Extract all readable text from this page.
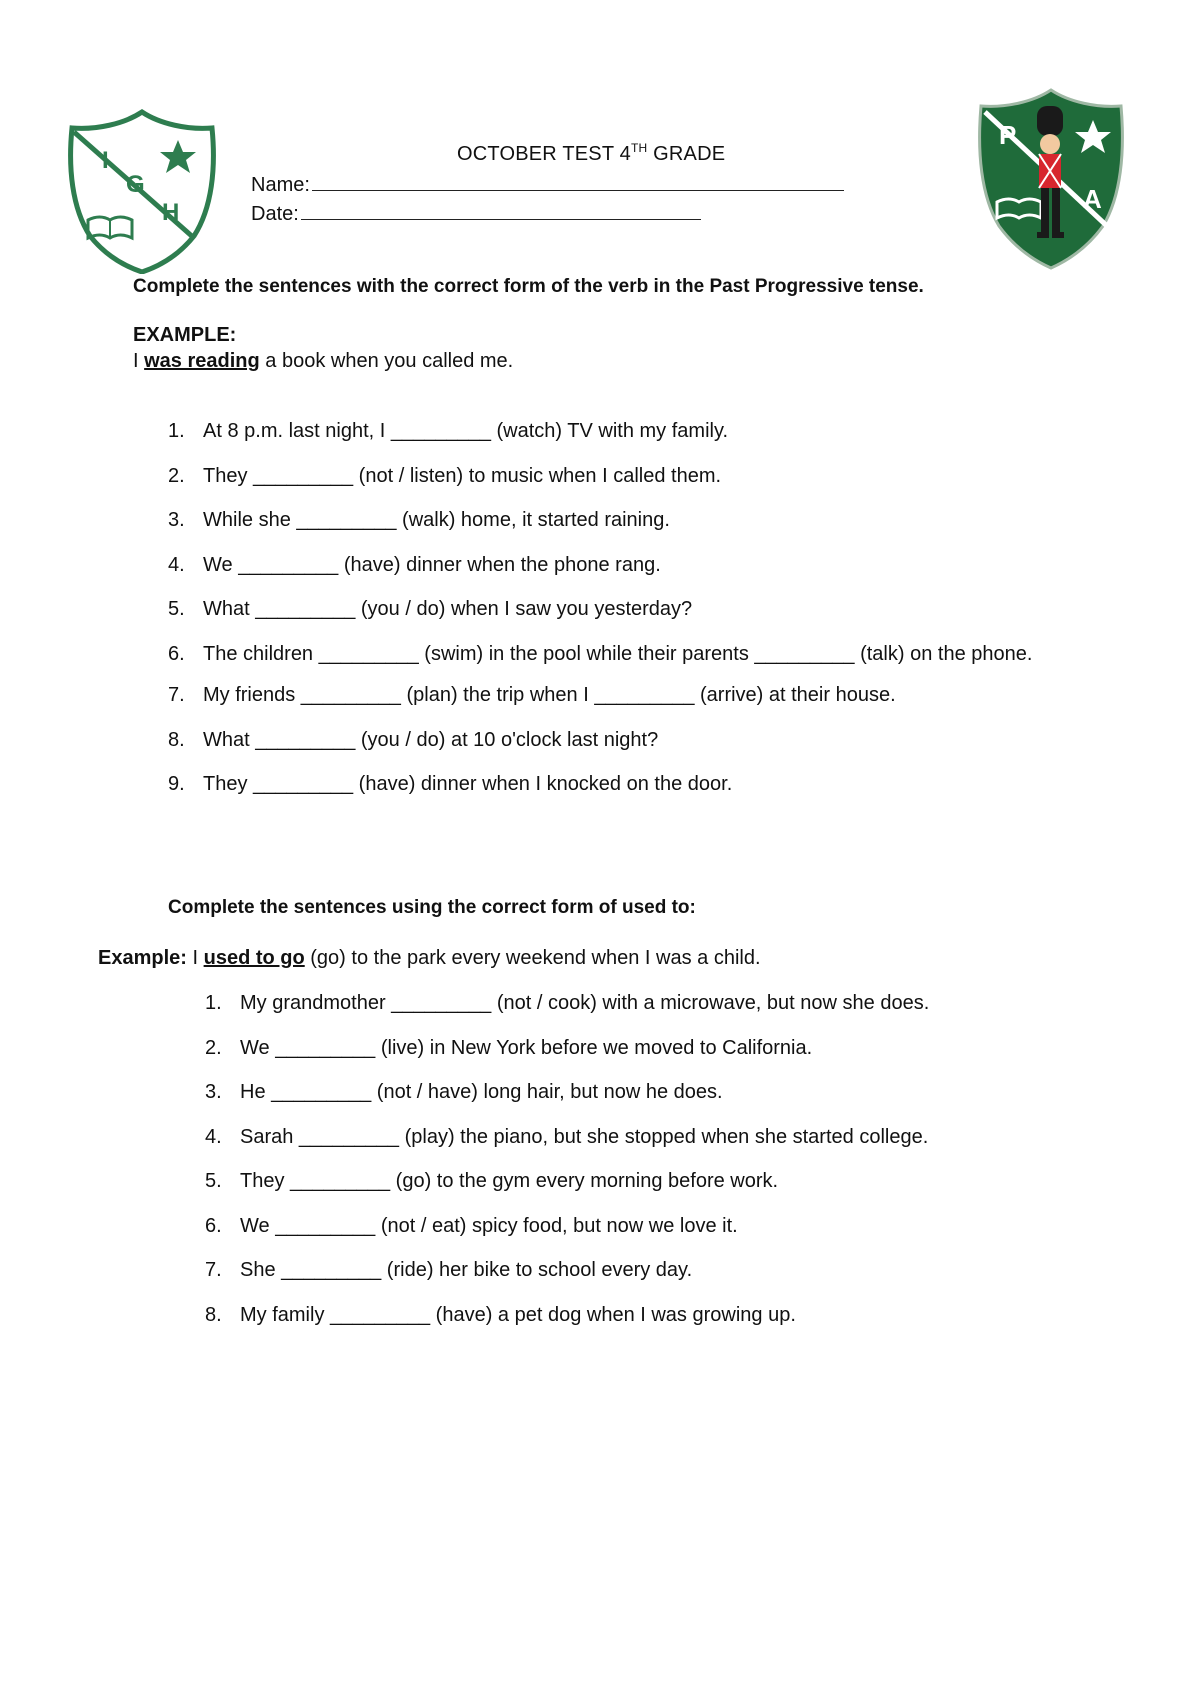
I
G
H
P
A
OCTOBER TEST 4TH GRADE
Name:
Date:
Complete the sentences with the correct form of the verb in the Past Progressive tense.
EXAMPLE:
I was reading a book when you called me.
1. At 8 p.m. last night, I _________ (watch) TV with my family.
2. They _________ (not / listen) to music when I called them.
3. While she _________ (walk) home, it started raining.
4. We _________ (have) dinner when the phone rang.
5. What _________ (you / do) when I saw you yesterday?
6. The children _________ (swim) in the pool while their parents _________ (talk) on the phone.
7. My friends _________ (plan) the trip when I _________ (arrive) at their house.
8. What _________ (you / do) at 10 o'clock last night?
9. They _________ (have) dinner when I knocked on the door.
Complete the sentences using the correct form of used to:
Example: I used to go (go) to the park every weekend when I was a child.
1. My grandmother _________ (not / cook) with a microwave, but now she does.
2. We _________ (live) in New York before we moved to California.
3. He _________ (not / have) long hair, but now he does.
4. Sarah _________ (play) the piano, but she stopped when she started college.
5. They _________ (go) to the gym every morning before work.
6. We _________ (not / eat) spicy food, but now we love it.
7. She _________ (ride) her bike to school every day.
8. My family _________ (have) a pet dog when I was growing up.
